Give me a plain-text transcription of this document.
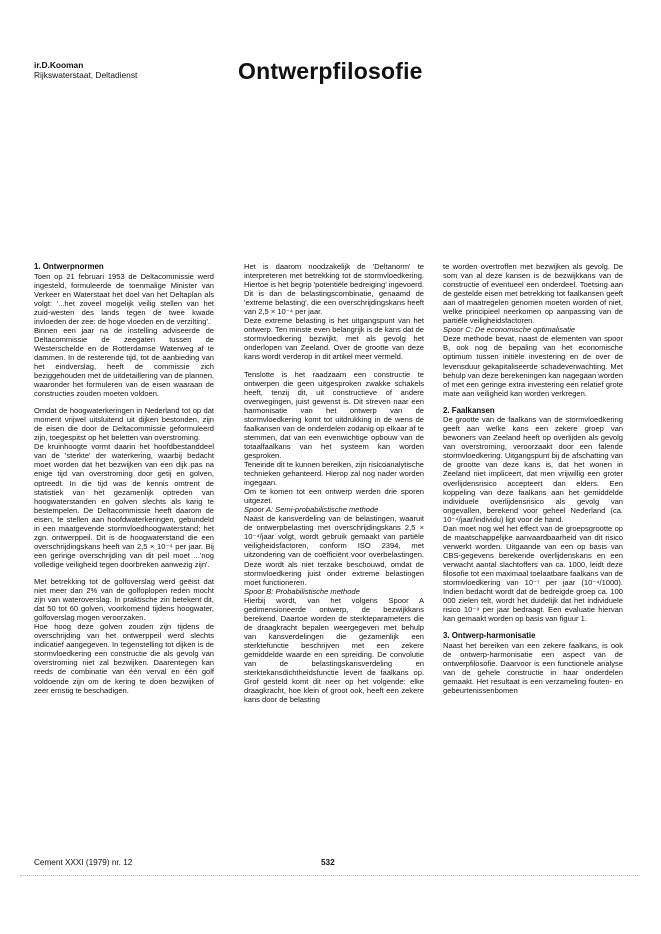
ir.D.Kooman
Rijkswaterstaat, Deltadienst	Ontwerpfilosofie
1. Ontwerpnormen

Toen op 21 februari 1953 de Deltacommissie werd ingesteld, formuleerde de toenmalige Minister van Verkeer en Waterstaat het doel van het Deltaplan als volgt: '...het zoveel mogelijk veilig stellen van het zuid-westen des lands tegen de twee kwade invloeden der zee: de hoge vloeden en de verzilting'.

Binnen een jaar na de instelling adviseerde de Deltacommissie de zeegaten tussen de Westerschelde en de Rotterdamse Waterweg af te dammen. In de resterende tijd, tot de aanbieding van het eindverslag, heeft de commissie zich beziggehouden met de uitdetaillering van de plannen, waaronder het formuleren van de eisen waaraan de constructies zouden moeten voldoen.

Omdat de hoogwaterkeringen in Nederland tot op dat moment vrijwel uitsluitend uit dijken bestonden, zijn de eisen die door de Deltacommissie geformuleerd zijn, toegespitst op het beletten van overstroming.

De kruinhoogte vormt daarin het hoofdbestanddeel van de 'sterkte' der waterkering, waarbij bedacht moet worden dat het bezwijken van een dijk pas na enige tijd van overstroming door getij en golven, optreedt. In die tijd was de kennis omtrent de statistiek van het gezamenlijk optreden van hoogwaterstanden en golven slechts als karig te bestempelen. De Deltacommissie heeft daarom de eisen, te stellen aan hoofdwaterkeringen, gebundeld in een maatgevende stormvloedhoogwaterstand; het zgn. ontwerppeil. Dit is de hoogwaterstand die een overschrijdingskans heeft van 2,5 × 10⁻⁴ per jaar. Bij een geringe overschrijding van dit peil moet ...'nog volledige veiligheid tegen doorbreken aanwezig zijn'.

Met betrekking tot de golfoverslag werd geëist dat niet meer dan 2% van de golfoplopen reden mocht zijn van wateroverslag. In praktische zin betekent dit, dat 50 tot 60 golven, voorkomend tijdens hoogwater, golfoverslag mogen veroorzaken.

Hoe hoog deze golven zouden zijn tijdens de overschrijding van het ontwerppeil werd slechts indicatief aangegeven. In tegenstelling tot dijken is de stormvloedkering een constructie die als gevolg van overstroming niet zal bezwijken. Daarentegen kan reeds de combinatie van één verval en één golf voldoende zijn om de kering te doen bezwijken of zeer ernstig te beschadigen.

Het is daarom noodzakelijk de 'Deltanorm' te interpreteren met betrekking tot de stormvloedkering. Hiertoe is het begrip 'potentiële bedreiging' ingevoerd. Dit is dan de belastingscombinatie, genaamd de 'extreme belasting', die een overschrijdingskans heeft van 2,5 × 10⁻⁴ per jaar.

Deze extreme belasting is het uitgangspunt van het ontwerp. Ten minste even belangrijk is de kans dat de stormvloedkering bezwijkt, met als gevolg het onderlopen van Zeeland. Over de grootte van deze kans wordt verderop in dit artikel meer vermeld.

Tenslotte is het raadzaam een constructie te ontwerpen die geen uitgesproken zwakke schakels heeft, tenzij dit, uit constructieve of andere overwegingen, juist gewenst is. Dit streven naar een harmonisatie van het ontwerp van de stormvloedkering komt tot uitdrukking in de wens de faalkansen van de onderdelen zodanig op elkaar af te stemmen, dat van een evenwichtige opbouw van de totaalfaalkans van het systeem kan worden gesproken.

Teneinde dit te kunnen bereiken, zijn risicoanalytische technieken gehanteerd. Hierop zal nog nader worden ingegaan.

Om te komen tot een ontwerp werden drie sporen uitgezet.

Spoor A: Semi-probabilistische methode

Naast de kansverdeling van de belastingen, waaruit de ontwerpbelasting met overschrijdingskans 2,5 × 10⁻⁴/jaar volgt, wordt gebruik gemaakt van partiële veiligheidsfactoren, conform ISO 2394, met uitzondering van de coëfficiënt voor overbelastingen. Deze wordt als niet terzake beschouwd, omdat de stormvloedkering juist onder extreme belastingen moet functioneren.

Spoor B: Probabilistische methode

Hierbij wordt, van het volgens Spoor A gedimensioneerde ontwerp, de bezwijkkans berekend. Daartoe worden de sterkteparameters die de draagkracht bepalen weergegeven met behulp van kansverdelingen die gezamenlijk een sterktefunctie beschrijven met een zekere gemiddelde waarde en een spreiding. De convolutie van de belastingskansverdeling en sterktekansdichtheidsfunctie levert de faalkans op. Grof gesteld komt dit neer op het volgende: elke draagkracht, hoe klein of groot ook, heeft een zekere kans door de belasting

te worden overtroffen met bezwijken als gevolg. De som van al deze kansen is de bezwijkkans van de constructie of eventueel een onderdeel. Toetsing aan de gestelde eisen met betrekking tot faalkansen geeft aan of maatregelen genomen moeten worden of niet, welke principieel neerkomen op aanpassing van de partiële veiligheidsfactoren.

Spoor C: De economische optimalisatie

Deze methode bevat, naast de elementen van spoor B, ook nog de bepaling van het economische optimum tussen initiële investering en de over de levensduur gekapitaliseerde schadeverwachting. Met behulp van deze berekeningen kan nagegaan worden of met een geringe extra investering een relatief grote mate aan veiligheid kan worden verkregen.

2. Faalkansen

De grootte van de faalkans van de stormvloedkering geeft aan welke kans een zekere groep van bewoners van Zeeland heeft op overlijden als gevolg van overstroming, veroorzaakt door een falende stormvloedkering. Uitgangspunt bij de afschatting van de grootte van deze kans is, dat het wonen in Zeeland niet impliceert, dat men vrijwillig een groter overlijdensrisico accepteert dan elders. Een koppeling van deze faalkans aan het gemiddelde individuele overlijdensrisico als gevolg van ongevallen, berekend voor geheel Nederland (ca. 10⁻⁴/jaar/individu) ligt voor de hand.

Dan moet nog wel het effect van de groepsgrootte op de maatschappelijke aanvaardbaarheid van dit risico verwerkt worden. Uitgaande van een op basis van CBS-gegevens berekende overlijdenskans en een verwacht aantal slachtoffers van ca. 1000, leidt deze filosofie tot een maximaal toelaatbare faalkans van de stormvloedkering van 10⁻⁷ per jaar (10⁻⁴/1000). Indien bedacht wordt dat de bedreigde groep ca. 100 000 zielen telt, wordt het duidelijk dat het individuele risico 10⁻⁹ per jaar bedraagt. Een evaluatie hiervan kan gemaakt worden op basis van figuur 1.

3. Ontwerp-harmonisatie

Naast het bereiken van een zekere faalkans, is ook de ontwerp-harmonisatie een aspect van de ontwerpfilosofie. Daarvoor is een functionele analyse van de gehele constructie in haar onderdelen gemaakt. Het resultaat is een verzameling fouten- en gebeurtenissenbomen

Cement XXXI (1979) nr. 12	532
